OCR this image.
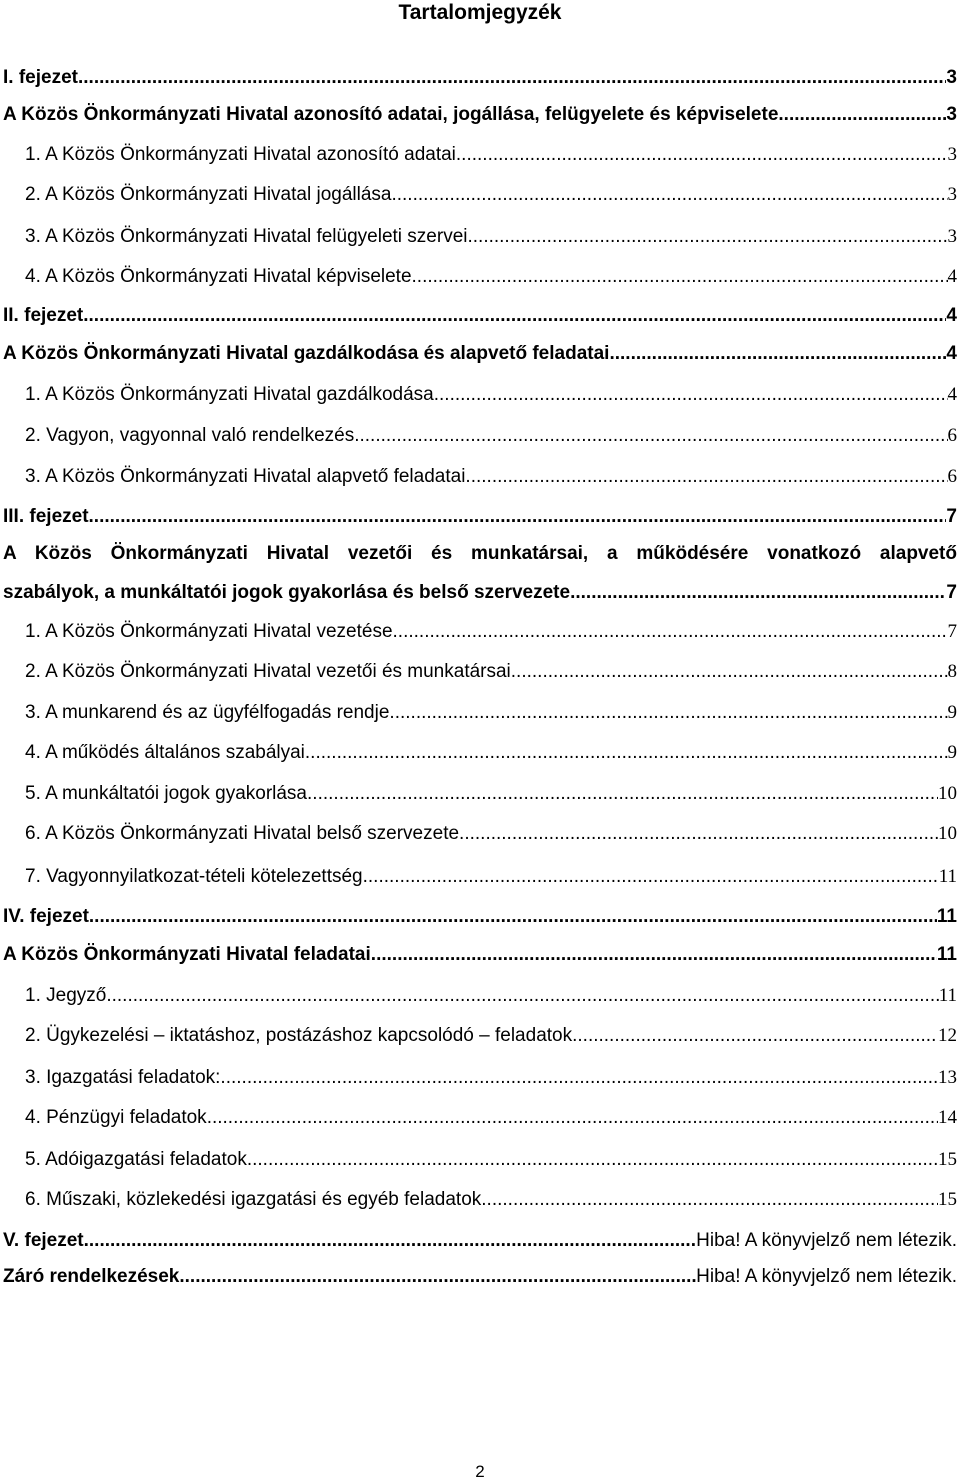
Tartalomjegyzék
I. fejezet .....	3
A Közös Önkormányzati Hivatal azonosító adatai, jogállása, felügyelete és képviselete .....	3
1. A Közös Önkormányzati Hivatal azonosító adatai .....	3
2. A Közös Önkormányzati Hivatal jogállása .....	3
3. A Közös Önkormányzati Hivatal felügyeleti szervei .....	3
4. A Közös Önkormányzati Hivatal képviselete .....	4
II. fejezet .....	4
A Közös Önkormányzati Hivatal gazdálkodása és alapvető feladatai .....	4
1. A Közös Önkormányzati Hivatal gazdálkodása .....	4
2. Vagyon, vagyonnal való rendelkezés .....	6
3. A Közös Önkormányzati Hivatal alapvető feladatai .....	6
III. fejezet .....	7
A Közös Önkormányzati Hivatal vezetői és munkatársai, a működésére vonatkozó alapvető
szabályok, a munkáltatói jogok gyakorlása és belső szervezete .....	7
1. A Közös Önkormányzati Hivatal vezetése .....	7
2. A Közös Önkormányzati Hivatal vezetői és munkatársai .....	8
3. A munkarend és az ügyfélfogadás rendje .....	9
4. A működés általános szabályai .....	9
5. A munkáltatói jogok gyakorlása .....	10
6. A Közös Önkormányzati Hivatal belső szervezete .....	10
7. Vagyonnyilatkozat-tételi kötelezettség .....	11
IV. fejezet .....	11
A Közös Önkormányzati Hivatal feladatai .....	11
1. Jegyző .....	11
2. Ügykezelési – iktatáshoz, postázáshoz kapcsolódó – feladatok .....	12
3. Igazgatási feladatok: .....	13
4. Pénzügyi feladatok .....	14
5. Adóigazgatási feladatok .....	15
6. Műszaki, közlekedési igazgatási és egyéb feladatok .....	15
V. fejezet .....	Hiba! A könyvjelző nem létezik.
Záró rendelkezések .....	Hiba! A könyvjelző nem létezik.
2
